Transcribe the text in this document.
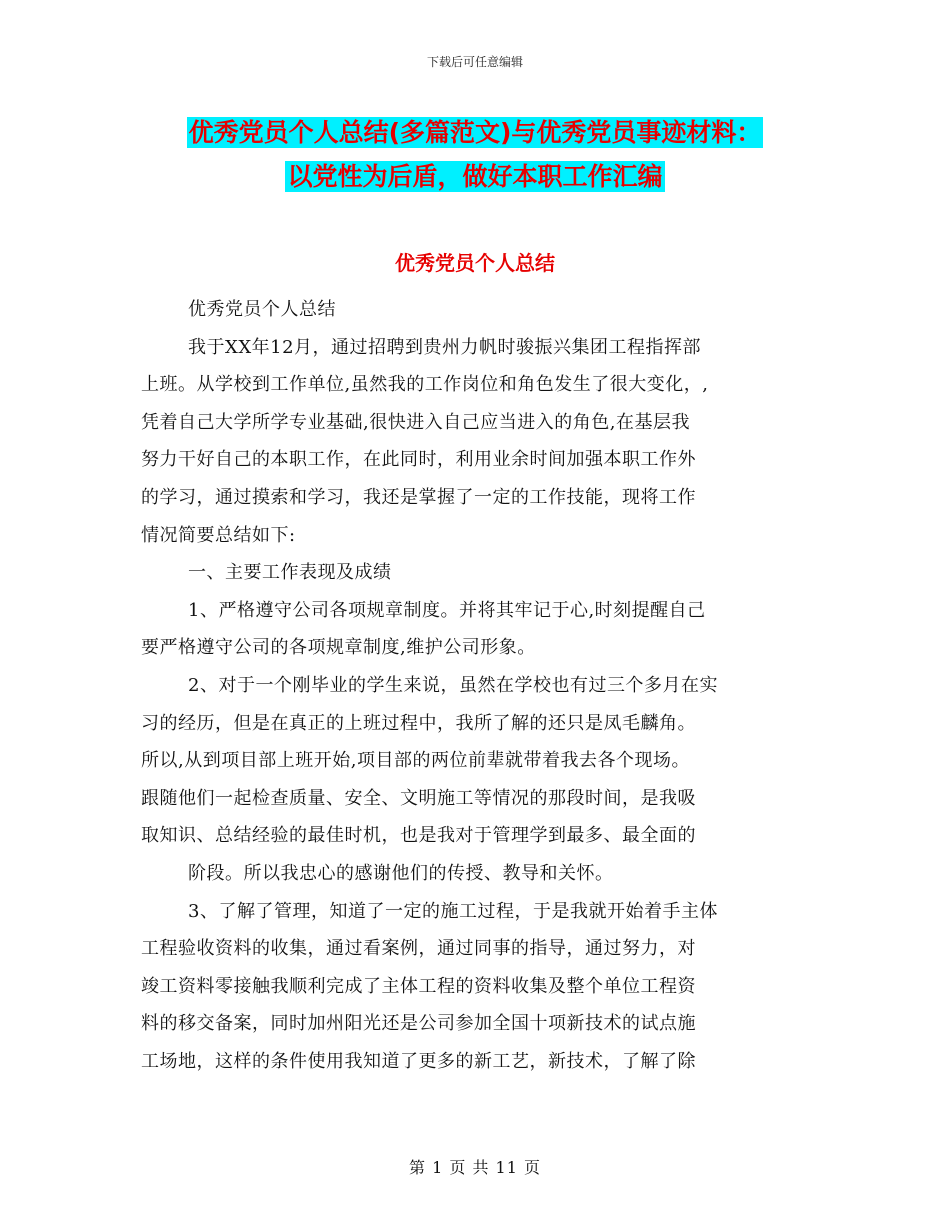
下载后可任意编辑
优秀党员个人总结(多篇范文)与优秀党员事迹材料：
以党性为后盾，做好本职工作汇编
优秀党员个人总结
优秀党员个人总结
我于XX年12月，通过招聘到贵州力帆时骏振兴集团工程指挥部
上班。从学校到工作单位,虽然我的工作岗位和角色发生了很大变化，,
凭着自己大学所学专业基础,很快进入自己应当进入的角色,在基层我
努力干好自己的本职工作，在此同时，利用业余时间加强本职工作外
的学习，通过摸索和学习，我还是掌握了一定的工作技能，现将工作
情况简要总结如下:
一、主要工作表现及成绩
1、严格遵守公司各项规章制度。并将其牢记于心,时刻提醒自己
要严格遵守公司的各项规章制度,维护公司形象。
2、对于一个刚毕业的学生来说，虽然在学校也有过三个多月在实
习的经历，但是在真正的上班过程中，我所了解的还只是凤毛麟角。
所以,从到项目部上班开始,项目部的两位前辈就带着我去各个现场。
跟随他们一起检查质量、安全、文明施工等情况的那段时间，是我吸
取知识、总结经验的最佳时机，也是我对于管理学到最多、最全面的
阶段。所以我忠心的感谢他们的传授、教导和关怀。
3、了解了管理，知道了一定的施工过程，于是我就开始着手主体
工程验收资料的收集，通过看案例，通过同事的指导，通过努力，对
竣工资料零接触我顺利完成了主体工程的资料收集及整个单位工程资
料的移交备案，同时加州阳光还是公司参加全国十项新技术的试点施
工场地，这样的条件使用我知道了更多的新工艺，新技术，了解了除
第 1 页 共 11 页
